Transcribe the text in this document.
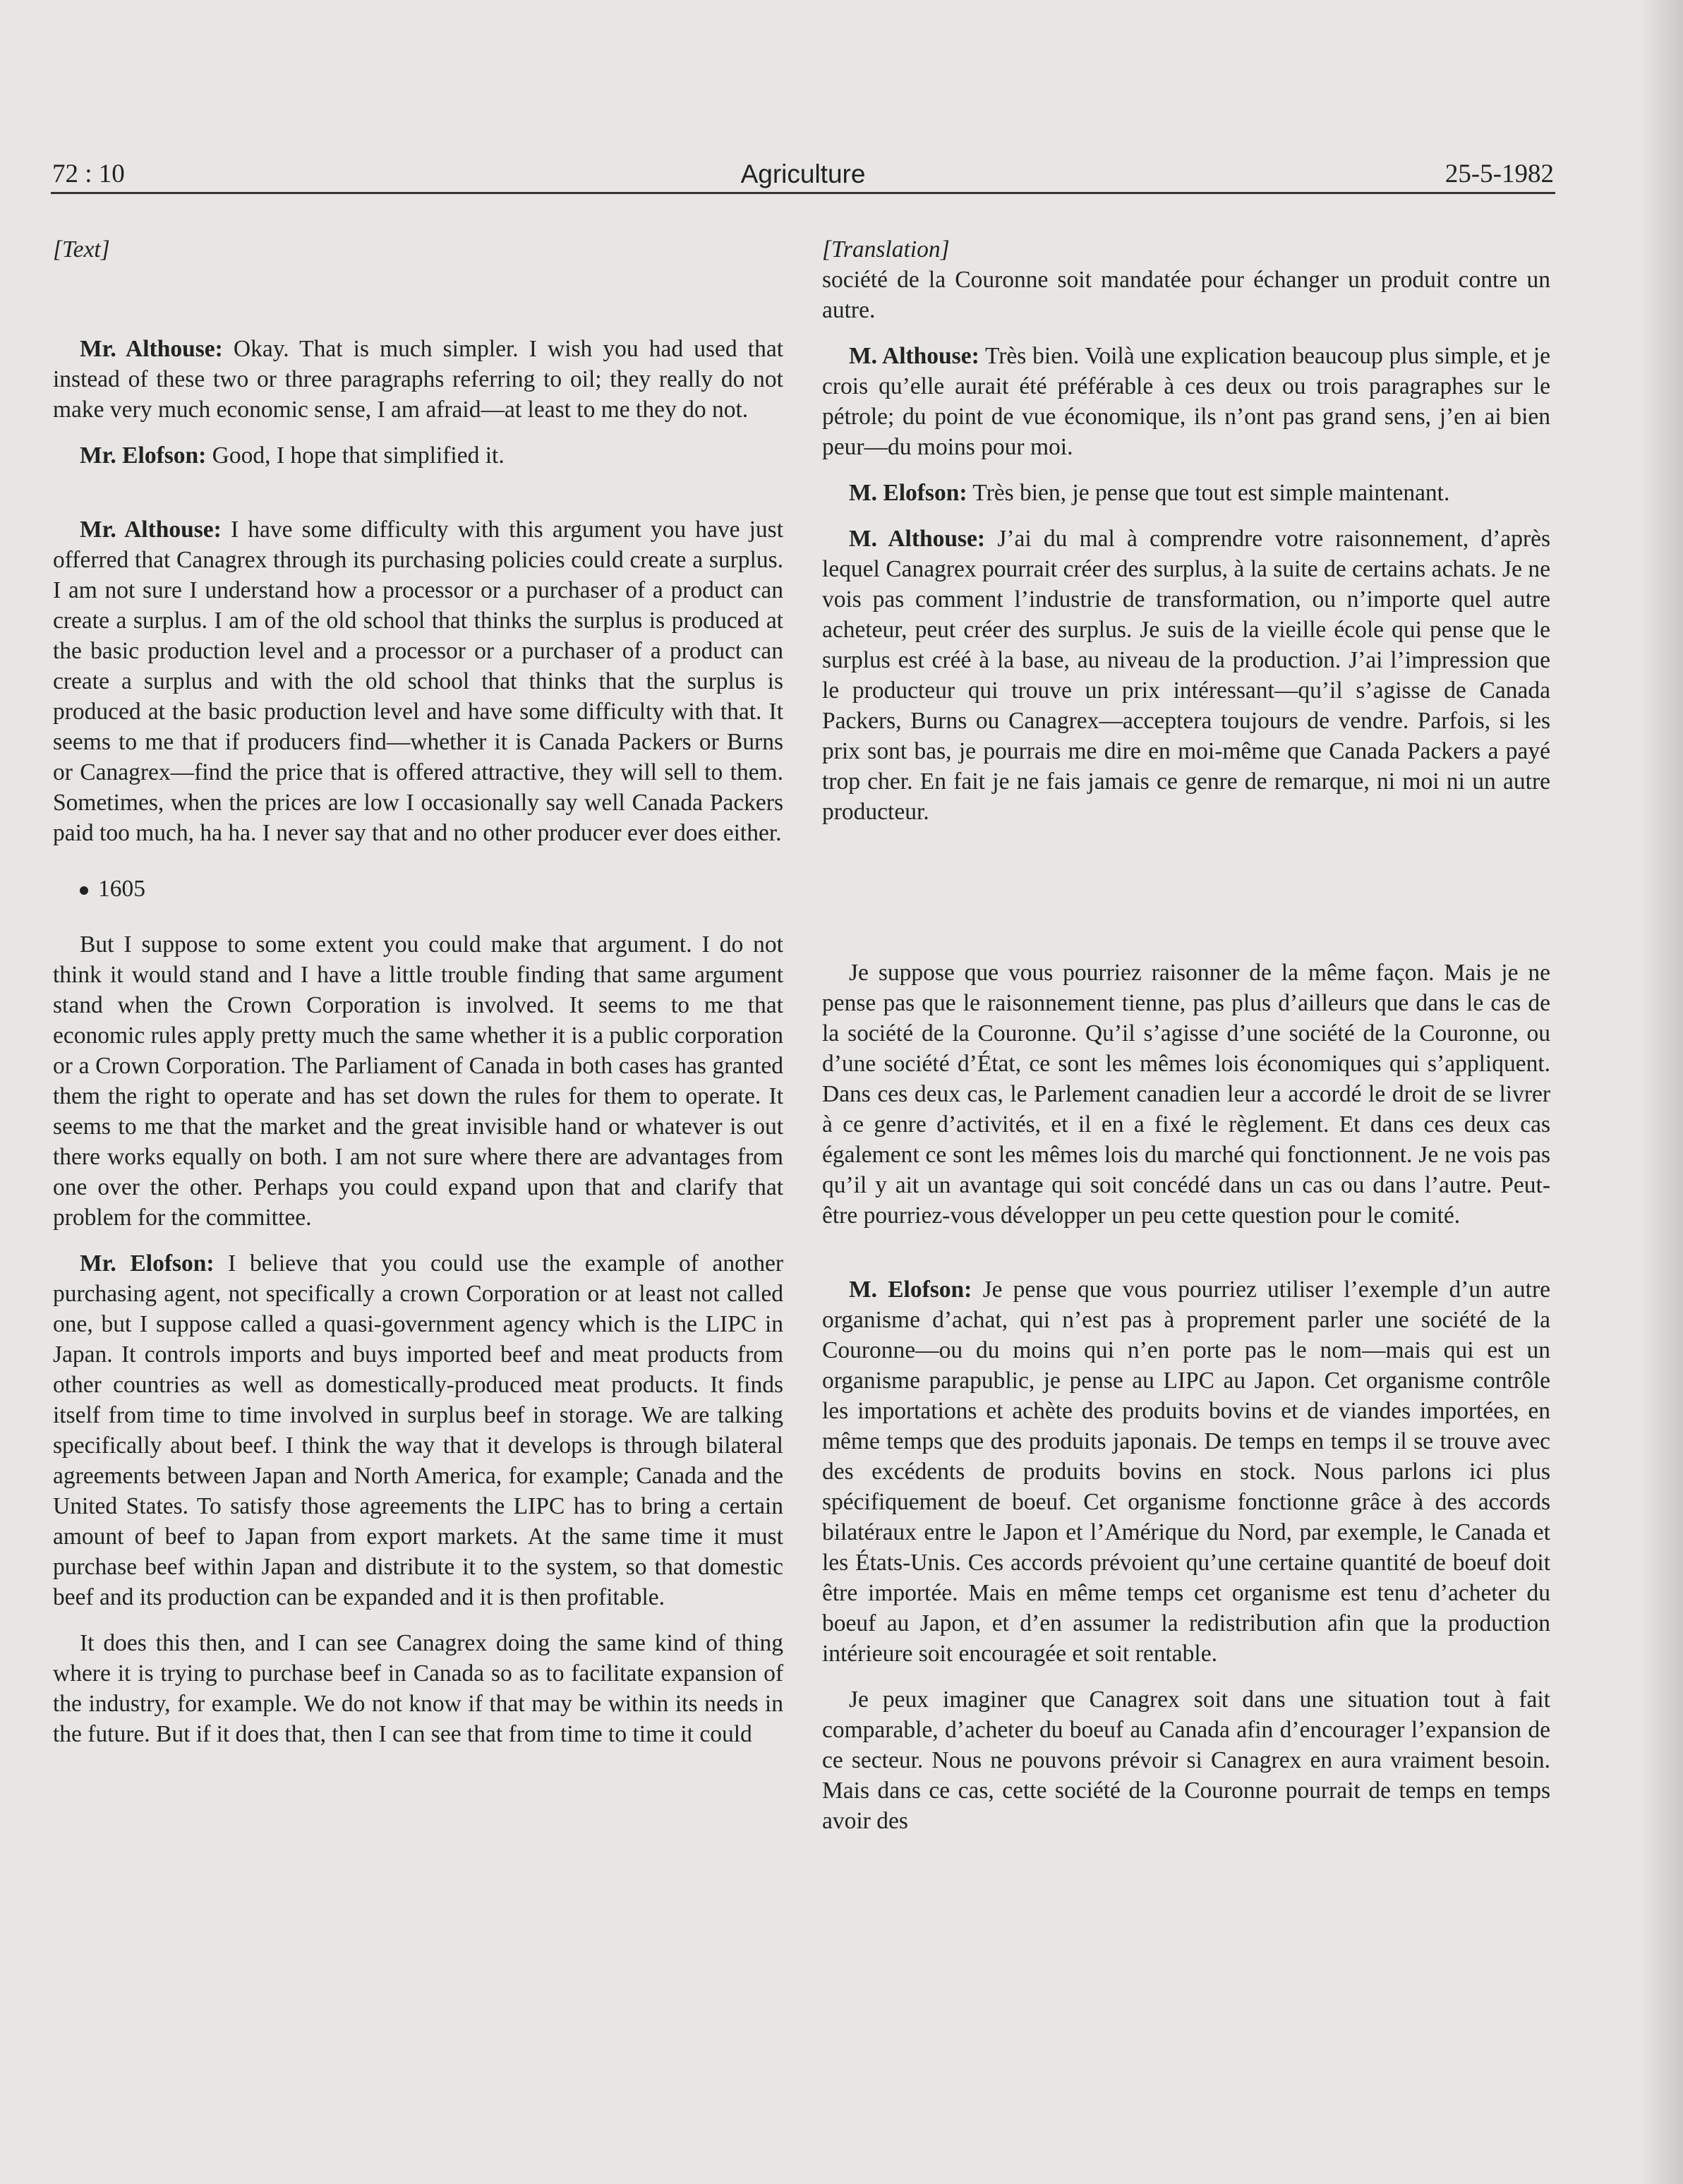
72 : 10	Agriculture	25-5-1982

[Text]

Mr. Althouse: Okay. That is much simpler. I wish you had used that instead of these two or three paragraphs referring to oil; they really do not make very much economic sense, I am afraid—at least to me they do not.

Mr. Elofson: Good, I hope that simplified it.

Mr. Althouse: I have some difficulty with this argument you have just offerred that Canagrex through its purchasing policies could create a surplus. I am not sure I understand how a processor or a purchaser of a product can create a surplus. I am of the old school that thinks the surplus is produced at the basic production level and a processor or a purchaser of a product can create a surplus and with the old school that thinks that the surplus is produced at the basic production level and have some difficulty with that. It seems to me that if producers find—whether it is Canada Packers or Burns or Canagrex—find the price that is offered attractive, they will sell to them. Sometimes, when the prices are low I occasionally say well Canada Packers paid too much, ha ha. I never say that and no other producer ever does either.

1605

But I suppose to some extent you could make that argument. I do not think it would stand and I have a little trouble finding that same argument stand when the Crown Corporation is involved. It seems to me that economic rules apply pretty much the same whether it is a public corporation or a Crown Corporation. The Parliament of Canada in both cases has granted them the right to operate and has set down the rules for them to operate. It seems to me that the market and the great invisible hand or whatever is out there works equally on both. I am not sure where there are advantages from one over the other. Perhaps you could expand upon that and clarify that problem for the committee.

Mr. Elofson: I believe that you could use the example of another purchasing agent, not specifically a crown Corporation or at least not called one, but I suppose called a quasi-government agency which is the LIPC in Japan. It controls imports and buys imported beef and meat products from other countries as well as domestically-produced meat products. It finds itself from time to time involved in surplus beef in storage. We are talking specifically about beef. I think the way that it develops is through bilateral agreements between Japan and North America, for example; Canada and the United States. To satisfy those agreements the LIPC has to bring a certain amount of beef to Japan from export markets. At the same time it must purchase beef within Japan and distribute it to the system, so that domestic beef and its production can be expanded and it is then profitable.

It does this then, and I can see Canagrex doing the same kind of thing where it is trying to purchase beef in Canada so as to facilitate expansion of the industry, for example. We do not know if that may be within its needs in the future. But if it does that, then I can see that from time to time it could

[Translation]

société de la Couronne soit mandatée pour échanger un produit contre un autre.

M. Althouse: Très bien. Voilà une explication beaucoup plus simple, et je crois qu’elle aurait été préférable à ces deux ou trois paragraphes sur le pétrole; du point de vue économique, ils n’ont pas grand sens, j’en ai bien peur—du moins pour moi.

M. Elofson: Très bien, je pense que tout est simple maintenant.

M. Althouse: J’ai du mal à comprendre votre raisonnement, d’après lequel Canagrex pourrait créer des surplus, à la suite de certains achats. Je ne vois pas comment l’industrie de transformation, ou n’importe quel autre acheteur, peut créer des surplus. Je suis de la vieille école qui pense que le surplus est créé à la base, au niveau de la production. J’ai l’impression que le producteur qui trouve un prix intéressant—qu’il s’agisse de Canada Packers, Burns ou Canagrex—acceptera toujours de vendre. Parfois, si les prix sont bas, je pourrais me dire en moi-même que Canada Packers a payé trop cher. En fait je ne fais jamais ce genre de remarque, ni moi ni un autre producteur.

Je suppose que vous pourriez raisonner de la même façon. Mais je ne pense pas que le raisonnement tienne, pas plus d’ailleurs que dans le cas de la société de la Couronne. Qu’il s’agisse d’une société de la Couronne, ou d’une société d’État, ce sont les mêmes lois économiques qui s’appliquent. Dans ces deux cas, le Parlement canadien leur a accordé le droit de se livrer à ce genre d’activités, et il en a fixé le règlement. Et dans ces deux cas également ce sont les mêmes lois du marché qui fonctionnent. Je ne vois pas qu’il y ait un avantage qui soit concédé dans un cas ou dans l’autre. Peut-être pourriez-vous développer un peu cette question pour le comité.

M. Elofson: Je pense que vous pourriez utiliser l’exemple d’un autre organisme d’achat, qui n’est pas à proprement parler une société de la Couronne—ou du moins qui n’en porte pas le nom—mais qui est un organisme parapublic, je pense au LIPC au Japon. Cet organisme contrôle les importations et achète des produits bovins et de viandes importées, en même temps que des produits japonais. De temps en temps il se trouve avec des excédents de produits bovins en stock. Nous parlons ici plus spécifiquement de boeuf. Cet organisme fonctionne grâce à des accords bilatéraux entre le Japon et l’Amérique du Nord, par exemple, le Canada et les États-Unis. Ces accords prévoient qu’une certaine quantité de boeuf doit être importée. Mais en même temps cet organisme est tenu d’acheter du boeuf au Japon, et d’en assumer la redistribution afin que la production intérieure soit encouragée et soit rentable.

Je peux imaginer que Canagrex soit dans une situation tout à fait comparable, d’acheter du boeuf au Canada afin d’encourager l’expansion de ce secteur. Nous ne pouvons prévoir si Canagrex en aura vraiment besoin. Mais dans ce cas, cette société de la Couronne pourrait de temps en temps avoir des
